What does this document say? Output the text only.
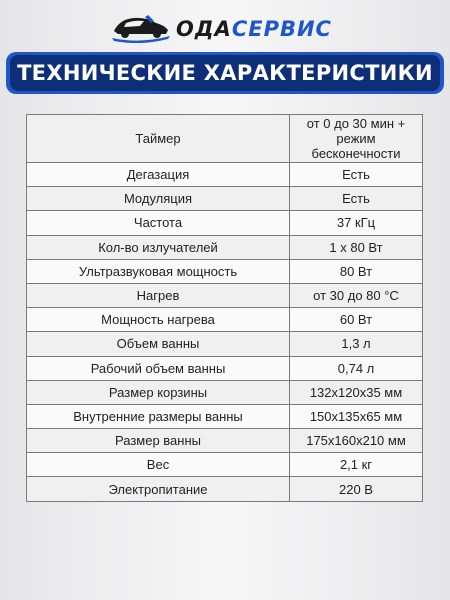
ОДАСЕРВИС
ТЕХНИЧЕСКИЕ ХАРАКТЕРИСТИКИ
Таймер	от 0 до 30 мин + режим бесконечности
Дегазация	Есть
Модуляция	Есть
Частота	37 кГц
Кол-во излучателей	1 х 80 Вт
Ультразвуковая мощность	80 Вт
Нагрев	от 30 до 80 °С
Мощность нагрева	60 Вт
Объем ванны	1,3 л
Рабочий объем ванны	0,74 л
Размер корзины	132х120х35 мм
Внутренние размеры ванны	150х135х65 мм
Размер ванны	175х160х210 мм
Вес	2,1 кг
Электропитание	220 В
